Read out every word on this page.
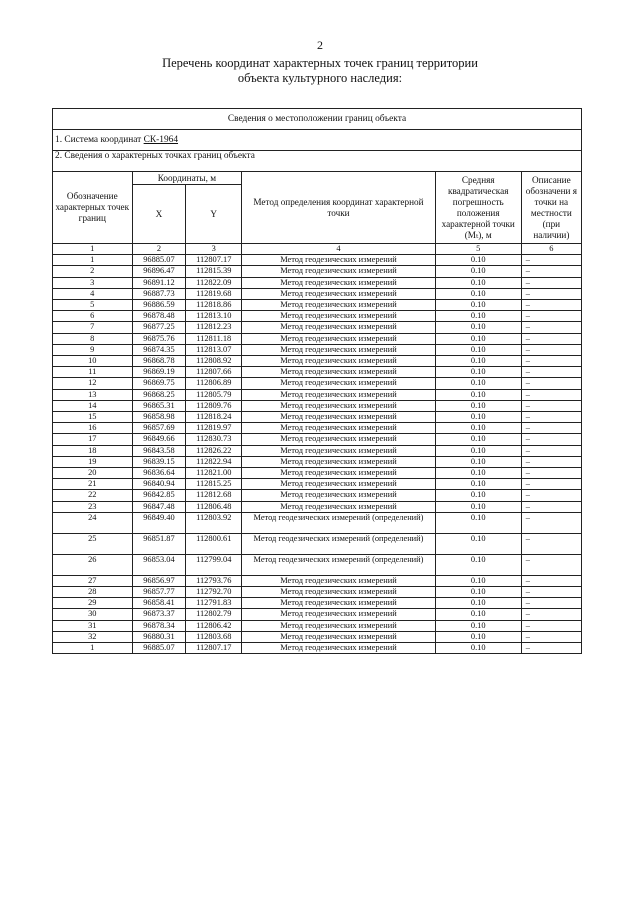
2
Перечень координат характерных точек границ территории
объекта культурного наследия:
Сведения о местоположении границ объекта					
1. Система координат СК-1964					
2. Сведения о характерных точках границ объекта					
Обозначение характерных точек границ	Координаты, м		Метод определения координат характерной точки	Средняя квадратическая погрешность положения характерной точки (Mₜ), м	Описание обозначени я точки на местности (при наличии)
	X	Y			
1	2	3	4	5	6
1	96885.07	112807.17	Метод геодезических измерений	0.10	–
2	96896.47	112815.39	Метод геодезических измерений	0.10	–
3	96891.12	112822.09	Метод геодезических измерений	0.10	–
4	96887.73	112819.68	Метод геодезических измерений	0.10	–
5	96886.59	112818.86	Метод геодезических измерений	0.10	–
6	96878.48	112813.10	Метод геодезических измерений	0.10	–
7	96877.25	112812.23	Метод геодезических измерений	0.10	–
8	96875.76	112811.18	Метод геодезических измерений	0.10	–
9	96874.35	112813.07	Метод геодезических измерений	0.10	–
10	96868.78	112808.92	Метод геодезических измерений	0.10	–
11	96869.19	112807.66	Метод геодезических измерений	0.10	–
12	96869.75	112806.89	Метод геодезических измерений	0.10	–
13	96868.25	112805.79	Метод геодезических измерений	0.10	–
14	96865.31	112809.76	Метод геодезических измерений	0.10	–
15	96858.98	112818.24	Метод геодезических измерений	0.10	–
16	96857.69	112819.97	Метод геодезических измерений	0.10	–
17	96849.66	112830.73	Метод геодезических измерений	0.10	–
18	96843.58	112826.22	Метод геодезических измерений	0.10	–
19	96839.15	112822.94	Метод геодезических измерений	0.10	–
20	96836.64	112821.00	Метод геодезических измерений	0.10	–
21	96840.94	112815.25	Метод геодезических измерений	0.10	–
22	96842.85	112812.68	Метод геодезических измерений	0.10	–
23	96847.48	112806.48	Метод геодезических измерений	0.10	–
24	96849.40	112803.92	Метод геодезических измерений (определений)	0.10	–
25	96851.87	112800.61	Метод геодезических измерений (определений)	0.10	–
26	96853.04	112799.04	Метод геодезических измерений (определений)	0.10	–
27	96856.97	112793.76	Метод геодезических измерений	0.10	–
28	96857.77	112792.70	Метод геодезических измерений	0.10	–
29	96858.41	112791.83	Метод геодезических измерений	0.10	–
30	96873.37	112802.79	Метод геодезических измерений	0.10	–
31	96878.34	112806.42	Метод геодезических измерений	0.10	–
32	96880.31	112803.68	Метод геодезических измерений	0.10	–
1	96885.07	112807.17	Метод геодезических измерений	0.10	–
